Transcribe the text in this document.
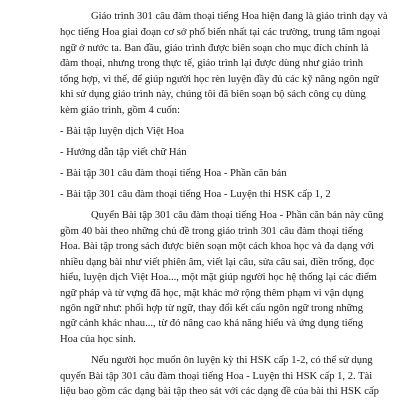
Giáo trình 301 câu đàm thoại tiếng Hoa hiện đang là giáo trình dạy và

học tiếng Hoa giai đoạn cơ sở phổ biến nhất tại các trường, trung tâm ngoại

ngữ ở nước ta. Ban đầu, giáo trình được biên soạn cho mục đích chính là

đàm thoại, nhưng trong thực tế, giáo trình lại được dùng như giáo trình

tổng hợp, vì thế, để giúp người học rèn luyện đầy đủ các kỹ năng ngôn ngữ

khi sử dụng giáo trình này, chúng tôi đã biên soạn bộ sách công cụ dùng

kèm giáo trình, gồm 4 cuốn:

- Bài tập luyện dịch Việt Hoa

- Hướng dẫn tập viết chữ Hán

- Bài tập 301 câu đàm thoại tiếng Hoa - Phần căn bản

- Bài tập 301 câu đàm thoại tiếng Hoa - Luyện thi HSK cấp 1, 2

Quyển Bài tập 301 câu đàm thoại tiếng Hoa - Phần căn bản này cũng

gồm 40 bài theo những chủ đề trong giáo trình 301 câu đàm thoại tiếng

Hoa. Bài tập trong sách được biên soạn một cách khoa học và đa dạng với

nhiều dạng bài như viết phiên âm, viết lại câu, sửa câu sai, điền trống, đọc

hiểu, luyện dịch Việt Hoa..., một mặt giúp người học hệ thống lại các điểm

ngữ pháp và từ vựng đã học, mặt khác mở rộng thêm phạm vi vận dụng

ngôn ngữ như: phối hợp từ ngữ, thay đổi kết cấu ngôn ngữ trong những

ngữ cảnh khác nhau..., từ đó nâng cao khả năng hiểu và ứng dụng tiếng

Hoa của học sinh.

Nếu người học muốn ôn luyện kỳ thi HSK cấp 1-2, có thể sử dụng

quyển Bài tập 301 câu đàm thoại tiếng Hoa - Luyện thi HSK cấp 1, 2. Tài

liệu bao gồm các dạng bài tập theo sát với các dạng đề của bài thi HSK cấp
